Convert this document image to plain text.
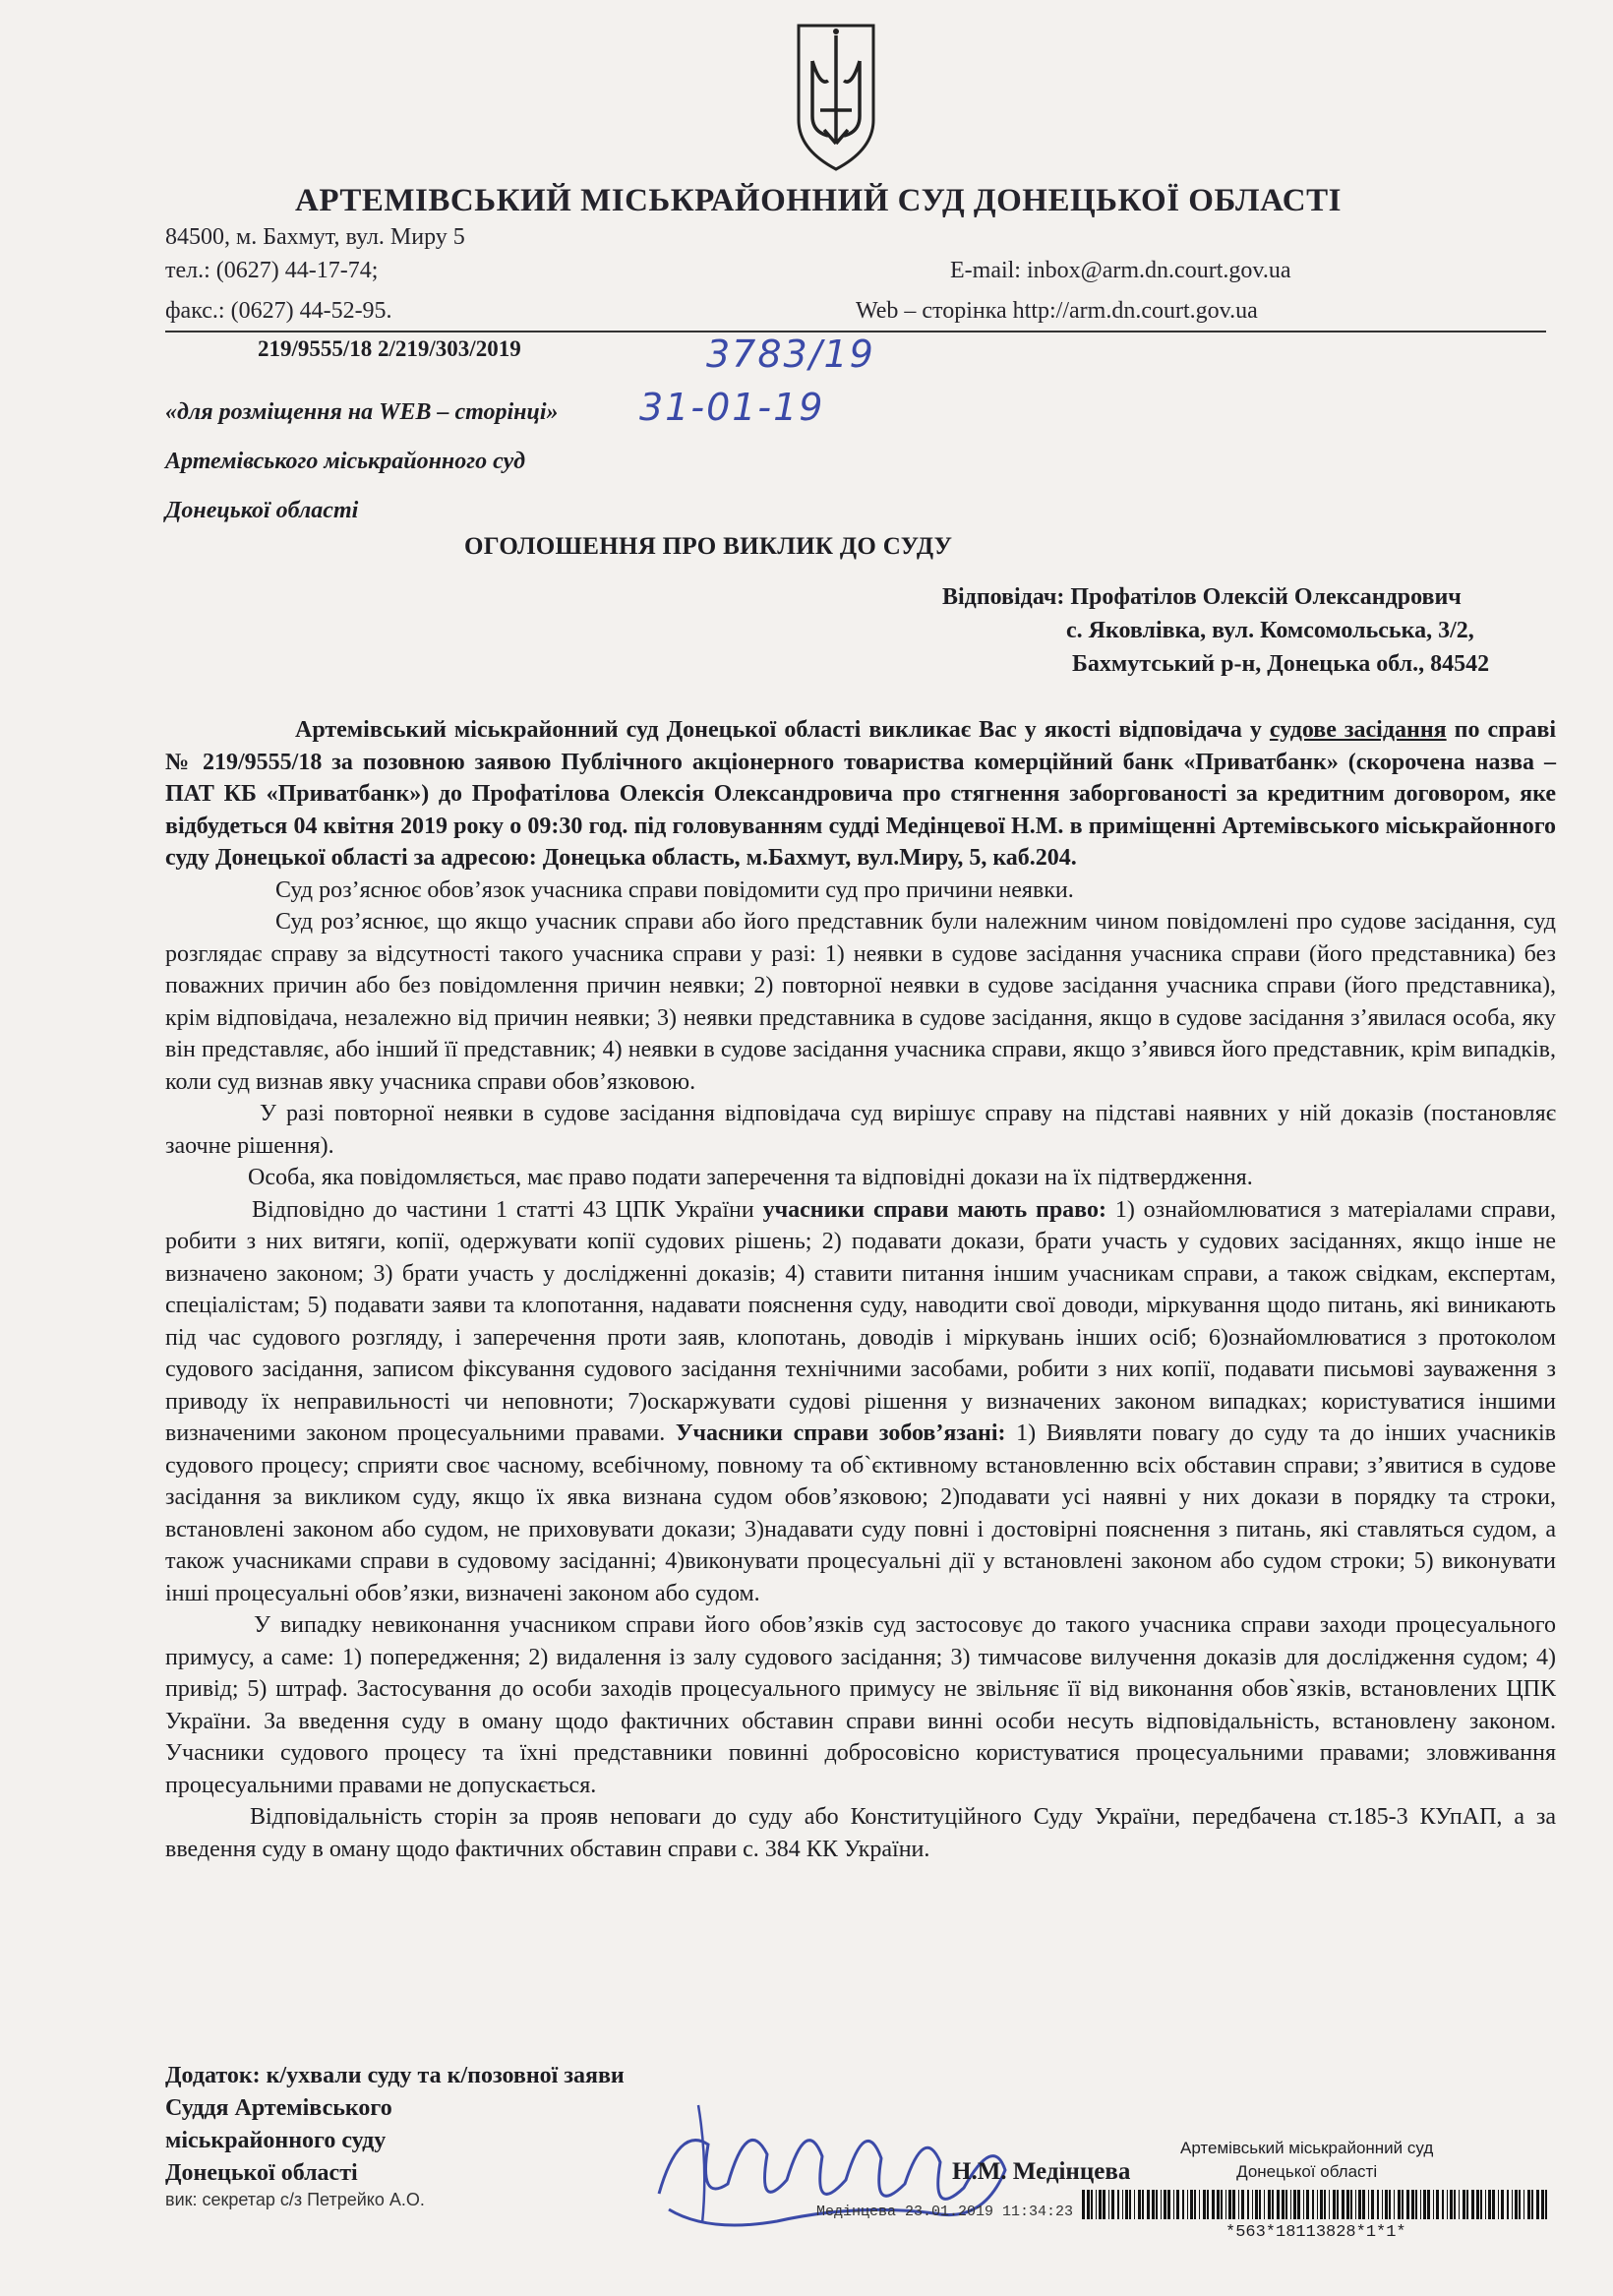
АРТЕМІВСЬКИЙ МІСЬКРАЙОННИЙ СУД ДОНЕЦЬКОЇ ОБЛАСТІ
84500, м. Бахмут, вул. Миру 5
тел.: (0627) 44-17-74;	E-mail: inbox@arm.dn.court.gov.ua
факс.: (0627) 44-52-95.	Web – сторінка http://arm.dn.court.gov.ua
219/9555/18 2/219/303/2019	3783/19
31-01-19
«для розміщення на WEB – сторінці»
Артемівського міськрайонного суд
Донецької області
ОГОЛОШЕННЯ ПРО ВИКЛИК ДО СУДУ
Відповідач: Профатілов Олексій Олександрович
с. Яковлівка, вул. Комсомольська, 3/2,
Бахмутський р-н, Донецька обл., 84542

Артемівський міськрайонний суд Донецької області викликає Вас у якості відповідача у судове засідання по справі № 219/9555/18 за позовною заявою Публічного акціонерного товариства комерційний банк «Приватбанк» (скорочена назва – ПАТ КБ «Приватбанк») до Профатілова Олексія Олександровича про стягнення заборгованості за кредитним договором, яке відбудеться 04 квітня 2019 року о 09:30 год. під головуванням судді Медінцевої Н.М. в приміщенні Артемівського міськрайонного суду Донецької області за адресою: Донецька область, м.Бахмут, вул.Миру, 5, каб.204.

Суд роз’яснює обов’язок учасника справи повідомити суд про причини неявки.

Суд роз’яснює, що якщо учасник справи або його представник були належним чином повідомлені про судове засідання, суд розглядає справу за відсутності такого учасника справи у разі: 1) неявки в судове засідання учасника справи (його представника) без поважних причин або без повідомлення причин неявки; 2) повторної неявки в судове засідання учасника справи (його представника), крім відповідача, незалежно від причин неявки; 3) неявки представника в судове засідання, якщо в судове засідання з’явилася особа, яку він представляє, або інший її представник; 4) неявки в судове засідання учасника справи, якщо з’явився його представник, крім випадків, коли суд визнав явку учасника справи обов’язковою.

У разі повторної неявки в судове засідання відповідача суд вирішує справу на підставі наявних у ній доказів (постановляє заочне рішення).

Особа, яка повідомляється, має право подати заперечення та відповідні докази на їх підтвердження.

Відповідно до частини 1 статті 43 ЦПК України учасники справи мають право: 1) ознайомлюватися з матеріалами справи, робити з них витяги, копії, одержувати копії судових рішень; 2) подавати докази, брати участь у судових засіданнях, якщо інше не визначено законом; 3) брати участь у дослідженні доказів; 4) ставити питання іншим учасникам справи, а також свідкам, експертам, спеціалістам; 5) подавати заяви та клопотання, надавати пояснення суду, наводити свої доводи, міркування щодо питань, які виникають під час судового розгляду, і заперечення проти заяв, клопотань, доводів і міркувань інших осіб; 6)ознайомлюватися з протоколом судового засідання, записом фіксування судового засідання технічними засобами, робити з них копії, подавати письмові зауваження з приводу їх неправильності чи неповноти; 7)оскаржувати судові рішення у визначених законом випадках; користуватися іншими визначеними законом процесуальними правами. Учасники справи зобов’язані: 1) Виявляти повагу до суду та до інших учасників судового процесу; сприяти своє часному, всебічному, повному та об`єктивному встановленню всіх обставин справи; з’явитися в судове засідання за викликом суду, якщо їх явка визнана судом обов’язковою; 2)подавати усі наявні у них докази в порядку та строки, встановлені законом або судом, не приховувати докази; 3)надавати суду повні і достовірні пояснення з питань, які ставляться судом, а також учасниками справи в судовому засіданні; 4)виконувати процесуальні дії у встановлені законом або судом строки; 5) виконувати інші процесуальні обов’язки, визначені законом або судом.

У випадку невиконання учасником справи його обов’язків суд застосовує до такого учасника справи заходи процесуального примусу, а саме: 1) попередження; 2) видалення із залу судового засідання; 3) тимчасове вилучення доказів для дослідження судом; 4) привід; 5) штраф. Застосування до особи заходів процесуального примусу не звільняє її від виконання обов`язків, встановлених ЦПК України. За введення суду в оману щодо фактичних обставин справи винні особи несуть відповідальність, встановлену законом. Учасники судового процесу та їхні представники повинні добросовісно користуватися процесуальними правами; зловживання процесуальними правами не допускається.

Відповідальність сторін за прояв неповаги до суду або Конституційного Суду України, передбачена ст.185-3 КУпАП, а за введення суду в оману щодо фактичних обставин справи с. 384 КК України.

Додаток: к/ухвали суду та к/позовної заяви
Суддя Артемівського
міськрайонного суду
Донецької області
вик: секретар с/з Петрейко А.О.
Н.М. Медінцева
Артемівський міськрайонний суд
Донецької області
Медінцева 23.01.2019 11:34:23
*563*18113828*1*1*
